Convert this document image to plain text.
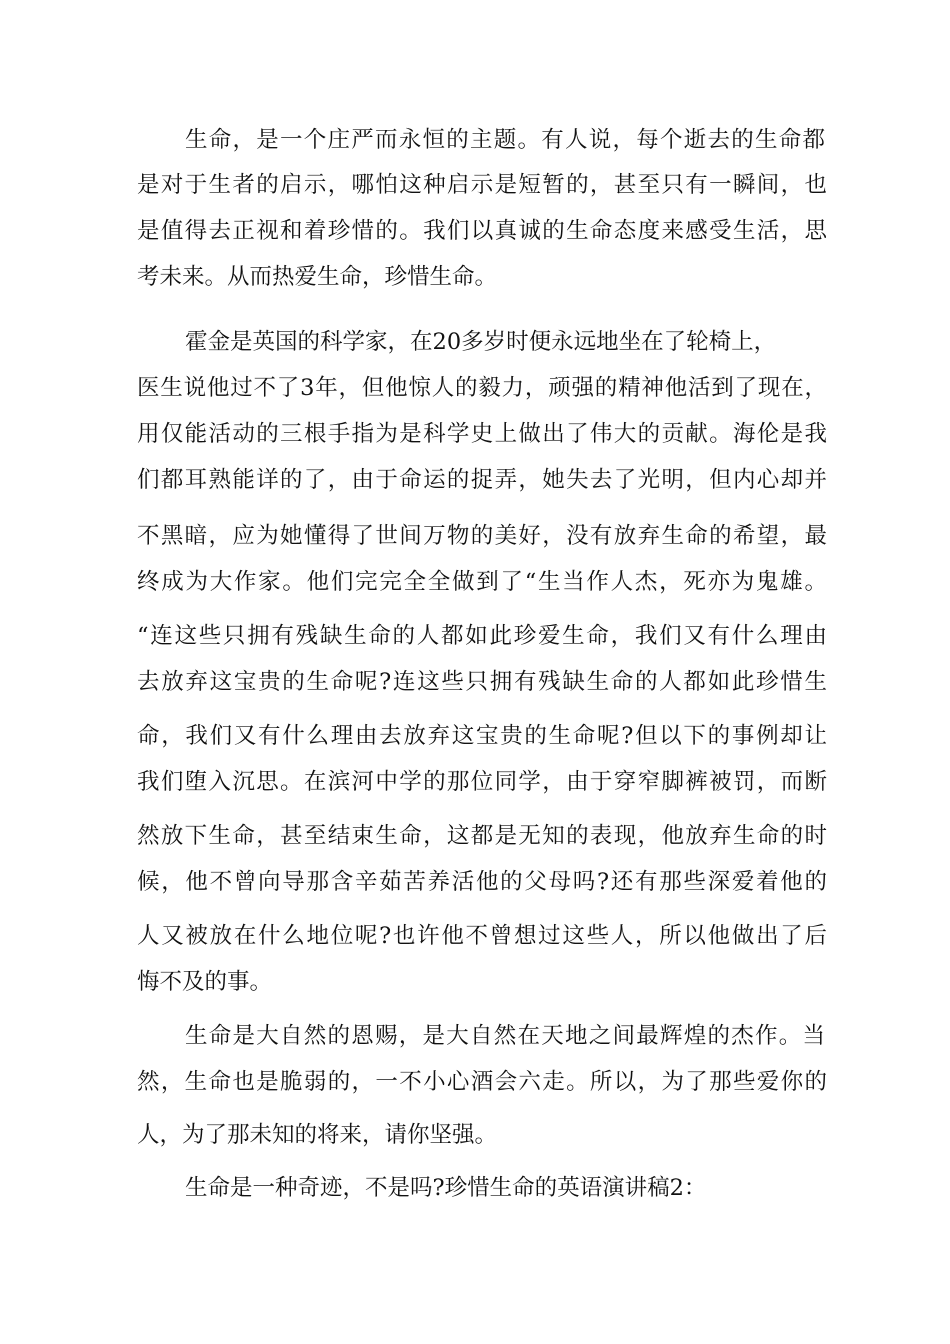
生命，是一个庄严而永恒的主题。有人说，每个逝去的生命都
是对于生者的启示，哪怕这种启示是短暂的，甚至只有一瞬间，也
是值得去正视和着珍惜的。我们以真诚的生命态度来感受生活，思
考未来。从而热爱生命，珍惜生命。
霍金是英国的科学家，在20多岁时便永远地坐在了轮椅上，
医生说他过不了3年，但他惊人的毅力，顽强的精神他活到了现在，
用仅能活动的三根手指为是科学史上做出了伟大的贡献。海伦是我
们都耳熟能详的了，由于命运的捉弄，她失去了光明，但内心却并
不黑暗，应为她懂得了世间万物的美好，没有放弃生命的希望，最
终成为大作家。他们完完全全做到了“生当作人杰，死亦为鬼雄。
“连这些只拥有残缺生命的人都如此珍爱生命，我们又有什么理由
去放弃这宝贵的生命呢?连这些只拥有残缺生命的人都如此珍惜生
命，我们又有什么理由去放弃这宝贵的生命呢?但以下的事例却让
我们堕入沉思。在滨河中学的那位同学，由于穿窄脚裤被罚，而断
然放下生命，甚至结束生命，这都是无知的表现，他放弃生命的时
候，他不曾向导那含辛茹苦养活他的父母吗?还有那些深爱着他的
人又被放在什么地位呢?也许他不曾想过这些人，所以他做出了后
悔不及的事。
生命是大自然的恩赐，是大自然在天地之间最辉煌的杰作。当
然，生命也是脆弱的，一不小心酒会六走。所以，为了那些爱你的
人，为了那未知的将来，请你坚强。
生命是一种奇迹，不是吗?珍惜生命的英语演讲稿2：
